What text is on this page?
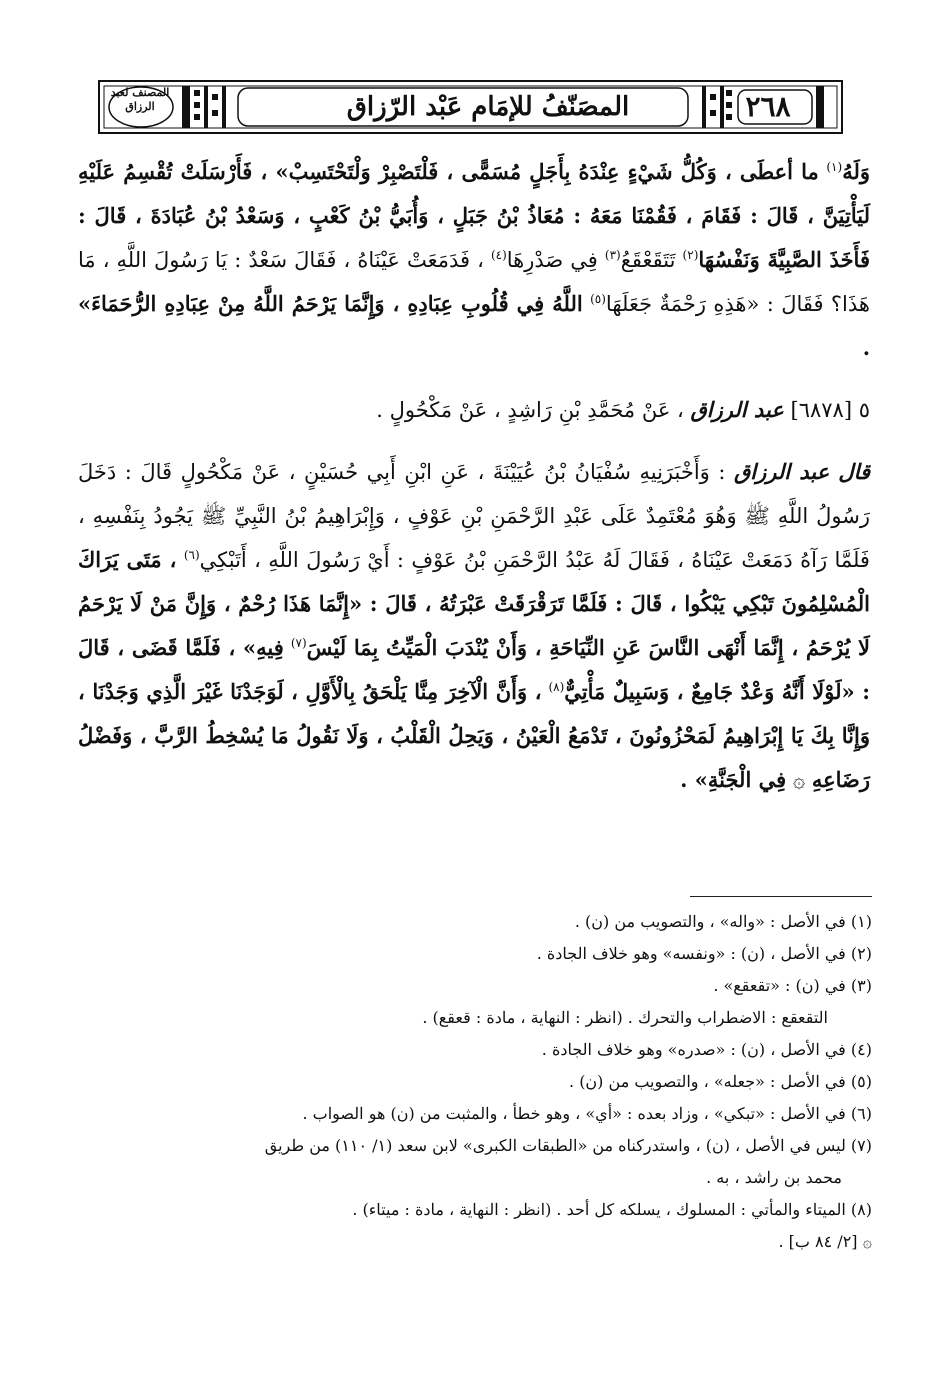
المصنف لعبد الرزاق	المصَنّفُ للإمَام عَبْد الرّزاق	٢٦٨

وَلَهُ$^{(١)}$ ما أعطَى ، وَكُلُّ شَيْءٍ عِنْدَهُ بِأَجَلٍ مُسَمًّى ، فَلْتَصْبِرْ وَلْتَحْتَسِبْ» ، فَأَرْسَلَتْ تُقْسِمُ عَلَيْهِ لَيَأْتِيَنَّ ، قَالَ : فَقَامَ ، فَقُمْنَا مَعَهُ : مُعَاذُ بْنُ جَبَلٍ ، وَأُبَيُّ بْنُ كَعْبٍ ، وَسَعْدُ بْنُ عُبَادَةَ ، قَالَ : فَأَخَذَ الصَّبِيَّةَ وَنَفْسُهَا$^{(٢)}$ تَتَقَعْقَعُ$^{(٣)}$ فِي صَدْرِهَا$^{(٤)}$ ، فَدَمَعَتْ عَيْنَاهُ ، فَقَالَ سَعْدٌ : يَا رَسُولَ اللَّهِ ، مَا هَذَا؟ فَقَالَ : «هَذِهِ رَحْمَةٌ جَعَلَهَا$^{(٥)}$ اللَّهُ فِي قُلُوبِ عِبَادِهِ ، وَإِنَّمَا يَرْحَمُ اللَّهُ مِنْ عِبَادِهِ الرُّحَمَاءَ» .

٥ [٦٨٧٨] عبد الرزاق ، عَنْ مُحَمَّدِ بْنِ رَاشِدٍ ، عَنْ مَكْحُولٍ .

قال عبد الرزاق : وَأَخْبَرَنِيهِ سُفْيَانُ بْنُ عُيَيْنَةَ ، عَنِ ابْنِ أَبِي حُسَيْنٍ ، عَنْ مَكْحُولٍ قَالَ : دَخَلَ رَسُولُ اللَّهِ ﷺ وَهُوَ مُعْتَمِدٌ عَلَى عَبْدِ الرَّحْمَنِ بْنِ عَوْفٍ ، وَإِبْرَاهِيمُ بْنُ النَّبِيِّ ﷺ يَجُودُ بِنَفْسِهِ ، فَلَمَّا رَآهُ دَمَعَتْ عَيْنَاهُ ، فَقَالَ لَهُ عَبْدُ الرَّحْمَنِ بْنُ عَوْفٍ : أَيْ رَسُولَ اللَّهِ ، أَتَبْكِي$^{(٦)}$ ، مَتَى يَرَاكَ الْمُسْلِمُونَ تَبْكِي يَبْكُوا ، قَالَ : فَلَمَّا تَرَقْرَقَتْ عَبْرَتُهُ ، قَالَ : «إِنَّمَا هَذَا رُحْمٌ ، وَإِنَّ مَنْ لَا يَرْحَمُ لَا يُرْحَمُ ، إِنَّمَا أَنْهَى النَّاسَ عَنِ النِّيَاحَةِ ، وَأَنْ يُنْدَبَ الْمَيِّتُ بِمَا لَيْسَ$^{(٧)}$ فِيهِ» ، فَلَمَّا قَضَى ، قَالَ : «لَوْلَا أَنَّهُ وَعْدٌ جَامِعٌ ، وَسَبِيلٌ مَأْتِيٌّ$^{(٨)}$ ، وَأَنَّ الْآخِرَ مِنَّا يَلْحَقُ بِالْأَوَّلِ ، لَوَجَدْنَا غَيْرَ الَّذِي وَجَدْنَا ، وَإِنَّا بِكَ يَا إِبْرَاهِيمُ لَمَحْزُونُونَ ، تَدْمَعُ الْعَيْنُ ، وَيَحِلُ الْقَلْبُ ، وَلَا نَقُولُ مَا يُسْخِطُ الرَّبَّ ، وَفَضْلُ رَضَاعِهِ ۞ فِي الْجَنَّةِ» .

(١) في الأصل : «واله» ، والتصويب من (ن) .

(٢) في الأصل ، (ن) : «ونفسه» وهو خلاف الجادة .

(٣) في (ن) : «تقعقع» .

التقعقع : الاضطراب والتحرك . (انظر : النهاية ، مادة : قعقع) .

(٤) في الأصل ، (ن) : «صدره» وهو خلاف الجادة .

(٥) في الأصل : «جعله» ، والتصويب من (ن) .

(٦) في الأصل : «تبكي» ، وزاد بعده : «أي» ، وهو خطأ ، والمثبت من (ن) هو الصواب .

(٧) ليس في الأصل ، (ن) ، واستدركناه من «الطبقات الكبرى» لابن سعد (١/ ١١٠) من طريق

محمد بن راشد ، به .

(٨) الميتاء والمأتي : المسلوك ، يسلكه كل أحد . (انظر : النهاية ، مادة : ميتاء) .

۞ [٢/ ٨٤ ب] .
